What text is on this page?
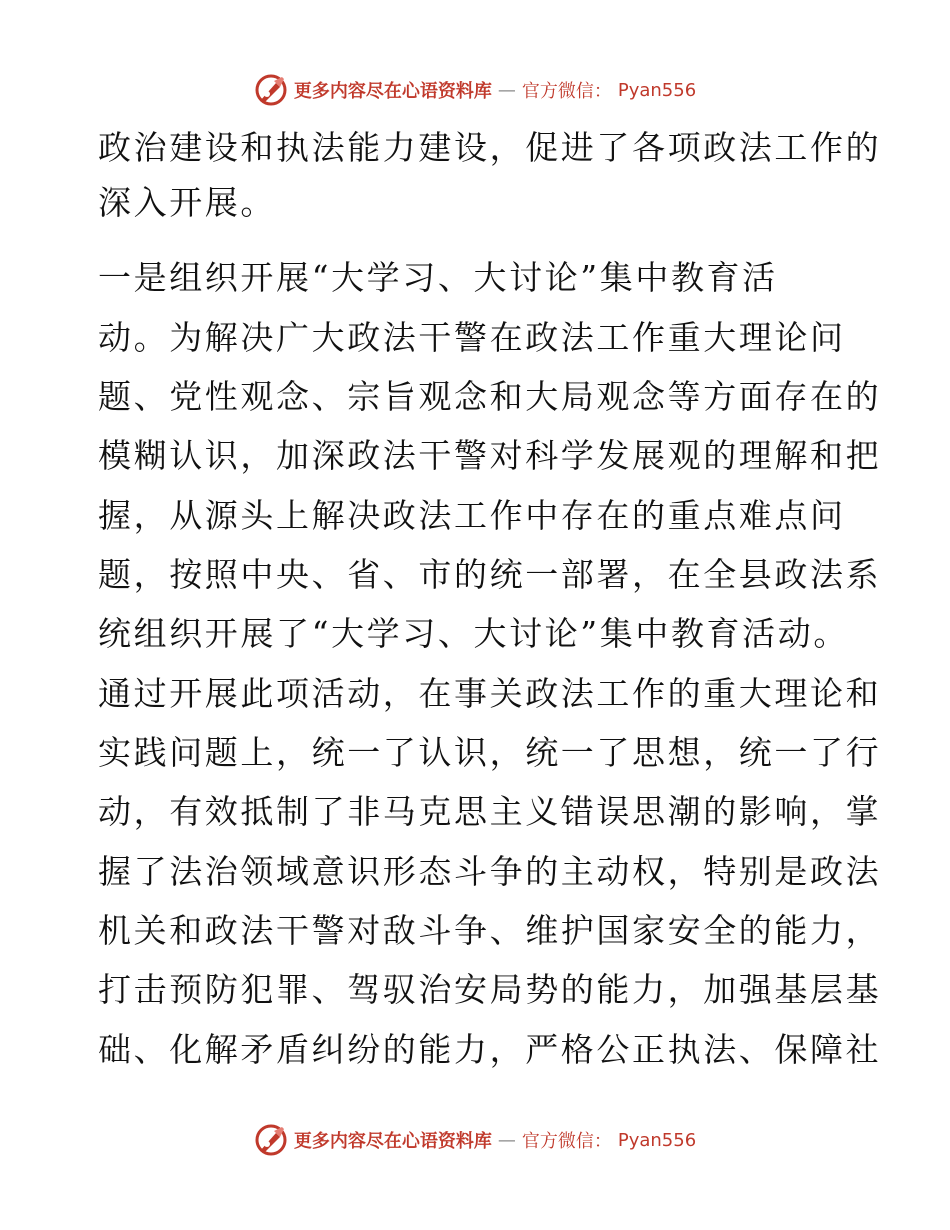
更多内容尽在心语资料库 — 官方微信： Pyan556
政治建设和执法能力建设，促进了各项政法工作的
深入开展。
一是组织开展“大学习、大讨论”集中教育活
动。为解决广大政法干警在政法工作重大理论问
题、党性观念、宗旨观念和大局观念等方面存在的
模糊认识，加深政法干警对科学发展观的理解和把
握，从源头上解决政法工作中存在的重点难点问
题，按照中央、省、市的统一部署，在全县政法系
统组织开展了“大学习、大讨论”集中教育活动。
通过开展此项活动，在事关政法工作的重大理论和
实践问题上，统一了认识，统一了思想，统一了行
动，有效抵制了非马克思主义错误思潮的影响，掌
握了法治领域意识形态斗争的主动权，特别是政法
机关和政法干警对敌斗争、维护国家安全的能力，
打击预防犯罪、驾驭治安局势的能力，加强基层基
础、化解矛盾纠纷的能力，严格公正执法、保障社
更多内容尽在心语资料库 — 官方微信： Pyan556
